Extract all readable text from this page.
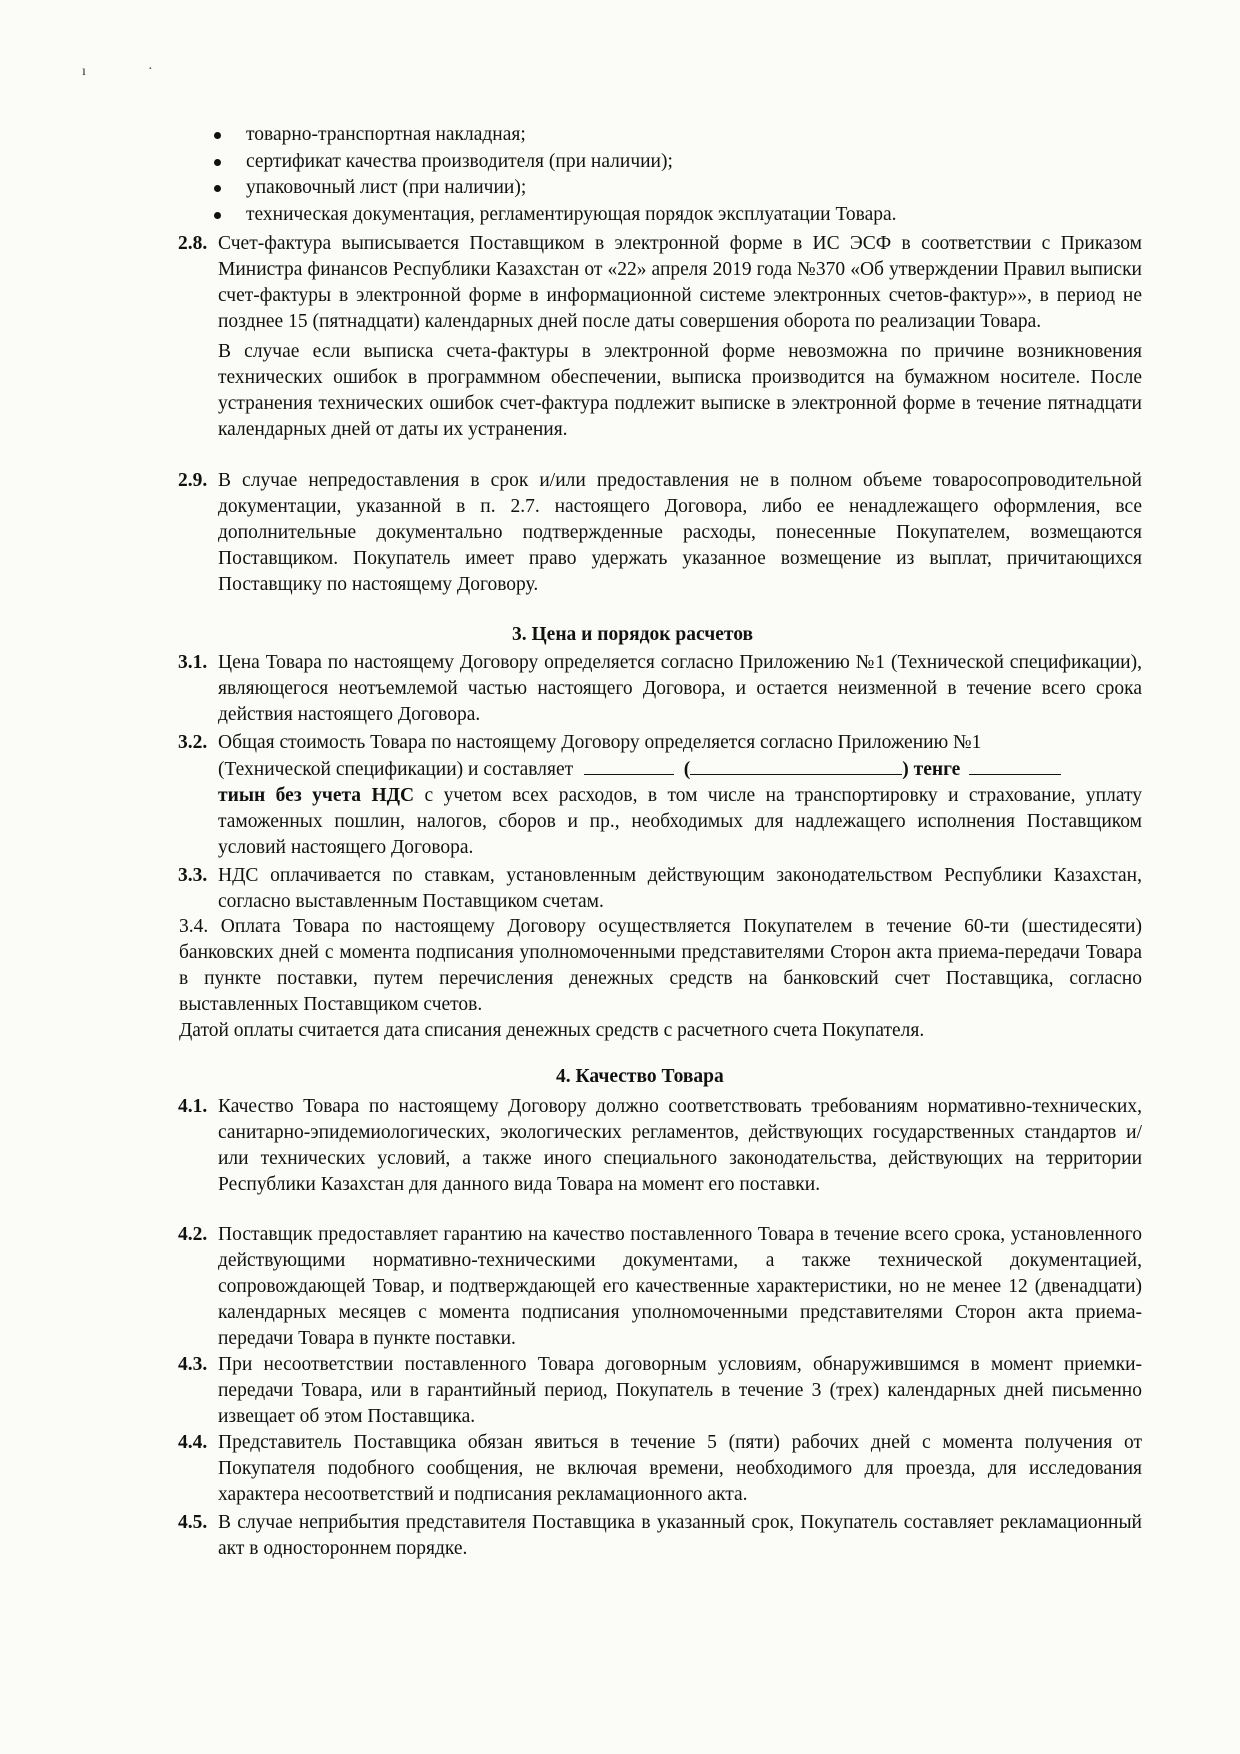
ı	·
товарно-транспортная накладная;
сертификат качества производителя (при наличии);
упаковочный лист (при наличии);
техническая документация, регламентирующая порядок эксплуатации Товара.
2.8. Счет-фактура выписывается Поставщиком в электронной форме в ИС ЭСФ в соответствии с Приказом Министра финансов Республики Казахстан от «22» апреля 2019 года №370 «Об утверждении Правил выписки счет-фактуры в электронной форме в информационной системе электронных счетов-фактур»», в период не позднее 15 (пятнадцати) календарных дней после даты совершения оборота по реализации Товара.

В случае если выписка счета-фактуры в электронной форме невозможна по причине возникновения технических ошибок в программном обеспечении, выписка производится на бумажном носителе. После устранения технических ошибок счет-фактура подлежит выписке в электронной форме в течение пятнадцати календарных дней от даты их устранения.

2.9. В случае непредоставления в срок и/или предоставления не в полном объеме товаросопроводительной документации, указанной в п. 2.7. настоящего Договора, либо ее ненадлежащего оформления, все дополнительные документально подтвержденные расходы, понесенные Покупателем, возмещаются Поставщиком. Покупатель имеет право удержать указанное возмещение из выплат, причитающихся Поставщику по настоящему Договору.

3. Цена и порядок расчетов
3.1. Цена Товара по настоящему Договору определяется согласно Приложению №1 (Технической спецификации), являющегося неотъемлемой частью настоящего Договора, и остается неизменной в течение всего срока действия настоящего Договора.

3.2. Общая стоимость Товара по настоящему Договору определяется согласно Приложению №1
(Технической спецификации) и составляет	(	) тенге
тиын без учета НДС с учетом всех расходов, в том числе на транспортировку и страхование, уплату таможенных пошлин, налогов, сборов и пр., необходимых для надлежащего исполнения Поставщиком условий настоящего Договора.

3.3. НДС оплачивается по ставкам, установленным действующим законодательством Республики Казахстан, согласно выставленным Поставщиком счетам.

3.4. Оплата Товара по настоящему Договору осуществляется Покупателем в течение 60-ти (шестидесяти) банковских дней с момента подписания уполномоченными представителями Сторон акта приема-передачи Товара в пункте поставки, путем перечисления денежных средств на банковский счет Поставщика, согласно выставленных Поставщиком счетов.

Датой оплаты считается дата списания денежных средств с расчетного счета Покупателя.

4. Качество Товара
4.1. Качество Товара по настоящему Договору должно соответствовать требованиям нормативно-технических, санитарно-эпидемиологических, экологических регламентов, действующих государственных стандартов и/или технических условий, а также иного специального законодательства, действующих на территории Республики Казахстан для данного вида Товара на момент его поставки.

4.2. Поставщик предоставляет гарантию на качество поставленного Товара в течение всего срока, установленного действующими нормативно-техническими документами, а также технической документацией, сопровождающей Товар, и подтверждающей его качественные характеристики, но не менее 12 (двенадцати) календарных месяцев с момента подписания уполномоченными представителями Сторон акта приема-передачи Товара в пункте поставки.

4.3. При несоответствии поставленного Товара договорным условиям, обнаружившимся в момент приемки-передачи Товара, или в гарантийный период, Покупатель в течение 3 (трех) календарных дней письменно извещает об этом Поставщика.

4.4. Представитель Поставщика обязан явиться в течение 5 (пяти) рабочих дней с момента получения от Покупателя подобного сообщения, не включая времени, необходимого для проезда, для исследования характера несоответствий и подписания рекламационного акта.

4.5. В случае неприбытия представителя Поставщика в указанный срок, Покупатель составляет рекламационный акт в одностороннем порядке.
